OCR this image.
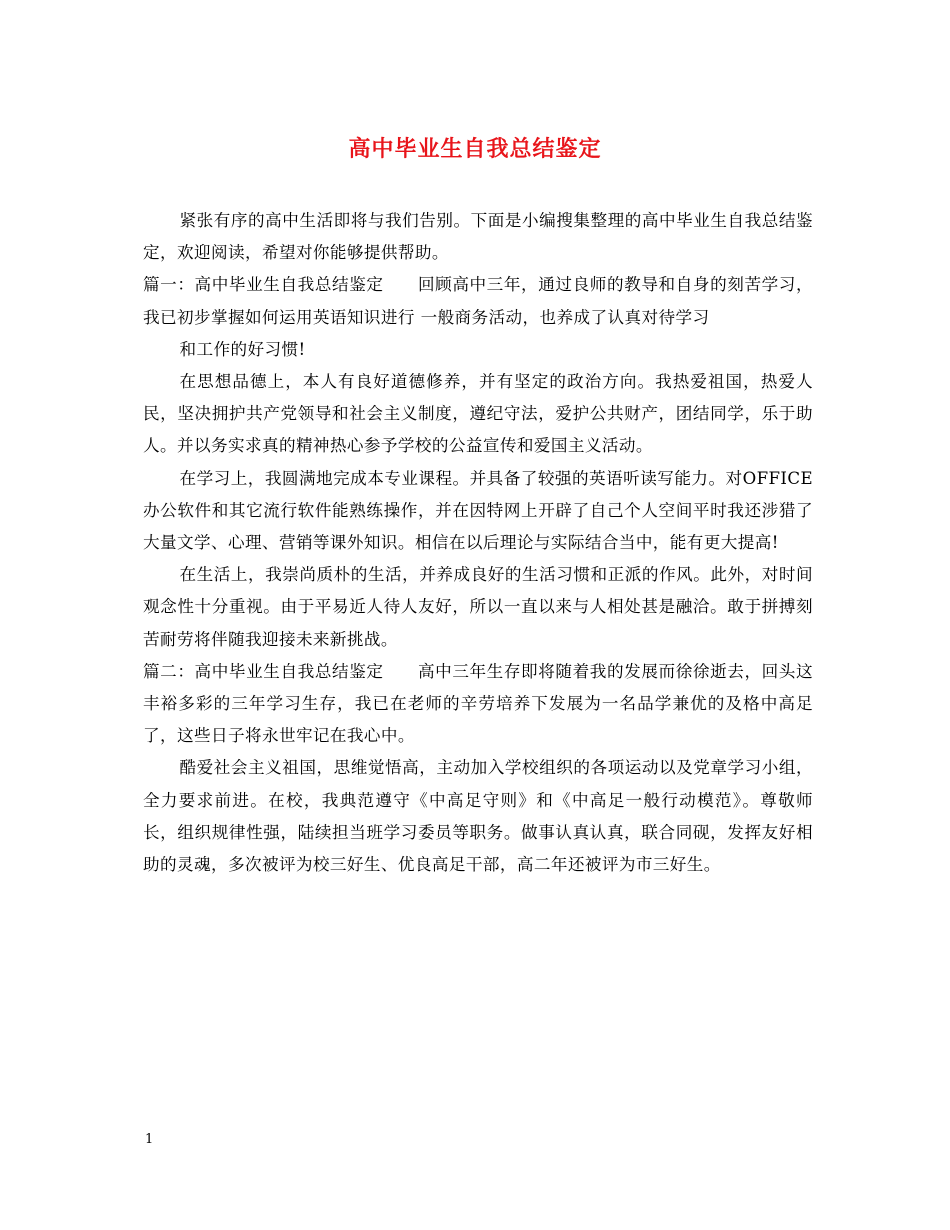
高中毕业生自我总结鉴定

紧张有序的高中生活即将与我们告别。下面是小编搜集整理的高中毕业生自我总结鉴定，欢迎阅读，希望对你能够提供帮助。

篇一：高中毕业生自我总结鉴定　　回顾高中三年，通过良师的教导和自身的刻苦学习，我已初步掌握如何运用英语知识进行 一般商务活动，也养成了认真对待学习

和工作的好习惯!

在思想品德上，本人有良好道德修养，并有坚定的政治方向。我热爱祖国，热爱人民，坚决拥护共产党领导和社会主义制度，遵纪守法，爱护公共财产，团结同学，乐于助人。并以务实求真的精神热心参予学校的公益宣传和爱国主义活动。

在学习上，我圆满地完成本专业课程。并具备了较强的英语听读写能力。对OFFICE办公软件和其它流行软件能熟练操作，并在因特网上开辟了自己个人空间平时我还涉猎了大量文学、心理、营销等课外知识。相信在以后理论与实际结合当中，能有更大提高!

在生活上，我崇尚质朴的生活，并养成良好的生活习惯和正派的作风。此外，对时间观念性十分重视。由于平易近人待人友好，所以一直以来与人相处甚是融洽。敢于拼搏刻苦耐劳将伴随我迎接未来新挑战。

篇二：高中毕业生自我总结鉴定　　高中三年生存即将随着我的发展而徐徐逝去，回头这丰裕多彩的三年学习生存，我已在老师的辛劳培养下发展为一名品学兼优的及格中高足了，这些日子将永世牢记在我心中。

酷爱社会主义祖国，思维觉悟高，主动加入学校组织的各项运动以及党章学习小组，全力要求前进。在校，我典范遵守《中高足守则》和《中高足一般行动模范》。尊敬师长，组织规律性强，陆续担当班学习委员等职务。做事认真认真，联合同砚，发挥友好相助的灵魂，多次被评为校三好生、优良高足干部，高二年还被评为市三好生。

1
